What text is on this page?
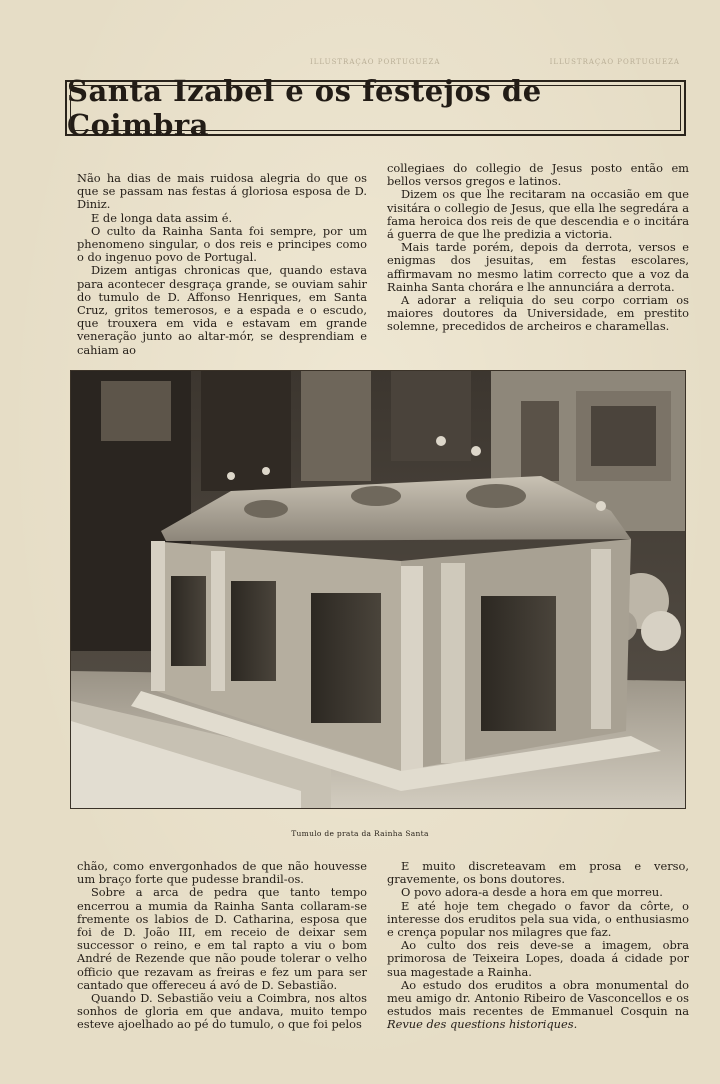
ILLUSTRAÇÃO PORTUGUEZA	ILLUSTRAÇÃO PORTUGUEZA
Santa Izabel e os festejos de Coimbra

Não ha dias de mais ruidosa alegria do que os que se passam nas festas á gloriosa esposa de D. Diniz.

E de longa data assim é.

O culto da Rainha Santa foi sempre, por um phenomeno singular, o dos reis e principes como o do ingenuo povo de Portugal.

Dizem antigas chronicas que, quando estava para acontecer desgraça grande, se ouviam sahir do tumulo de D. Affonso Henriques, em Santa Cruz, gritos temerosos, e a espada e o escudo, que trouxera em vida e estavam em grande veneração junto ao altar-mór, se desprendiam e cahiam ao

collegiaes do collegio de Jesus posto então em bellos versos gregos e latinos.

Dizem os que lhe recitaram na occasião em que visitára o collegio de Jesus, que ella lhe segredára a fama heroica dos reis de que descendia e o incitára á guerra de que lhe predizia a victoria.

Mais tarde porém, depois da derrota, versos e enigmas dos jesuitas, em festas escolares, affirmavam no mesmo latim correcto que a voz da Rainha Santa chorára e lhe annunciára a derrota.

A adorar a reliquia do seu corpo corriam os maiores doutores da Universidade, em prestito solemne, precedidos de archeiros e charamellas.

Tumulo de prata da Rainha Santa

chão, como envergonhados de que não houvesse um braço forte que pudesse brandil-os.

Sobre a arca de pedra que tanto tempo encerrou a mumia da Rainha Santa collaram-se fremente os labios de D. Catharina, esposa que foi de D. João III, em receio de deixar sem successor o reino, e em tal rapto a viu o bom André de Rezende que não poude tolerar o velho officio que rezavam as freiras e fez um para ser cantado que offereceu á avó de D. Sebastião.

Quando D. Sebastião veiu a Coimbra, nos altos sonhos de gloria em que andava, muito tempo esteve ajoelhado ao pé do tumulo, o que foi pelos

E muito discreteavam em prosa e verso, gravemente, os bons doutores.

O povo adora-a desde a hora em que morreu.

E até hoje tem chegado o favor da côrte, o interesse dos eruditos pela sua vida, o enthusiasmo e crença popular nos milagres que faz.

Ao culto dos reis deve-se a imagem, obra primorosa de Teixeira Lopes, doada á cidade por sua magestade a Rainha.

Ao estudo dos eruditos a obra monumental do meu amigo dr. Antonio Ribeiro de Vasconcellos e os estudos mais recentes de Emmanuel Cosquin na Revue des questions historiques.
